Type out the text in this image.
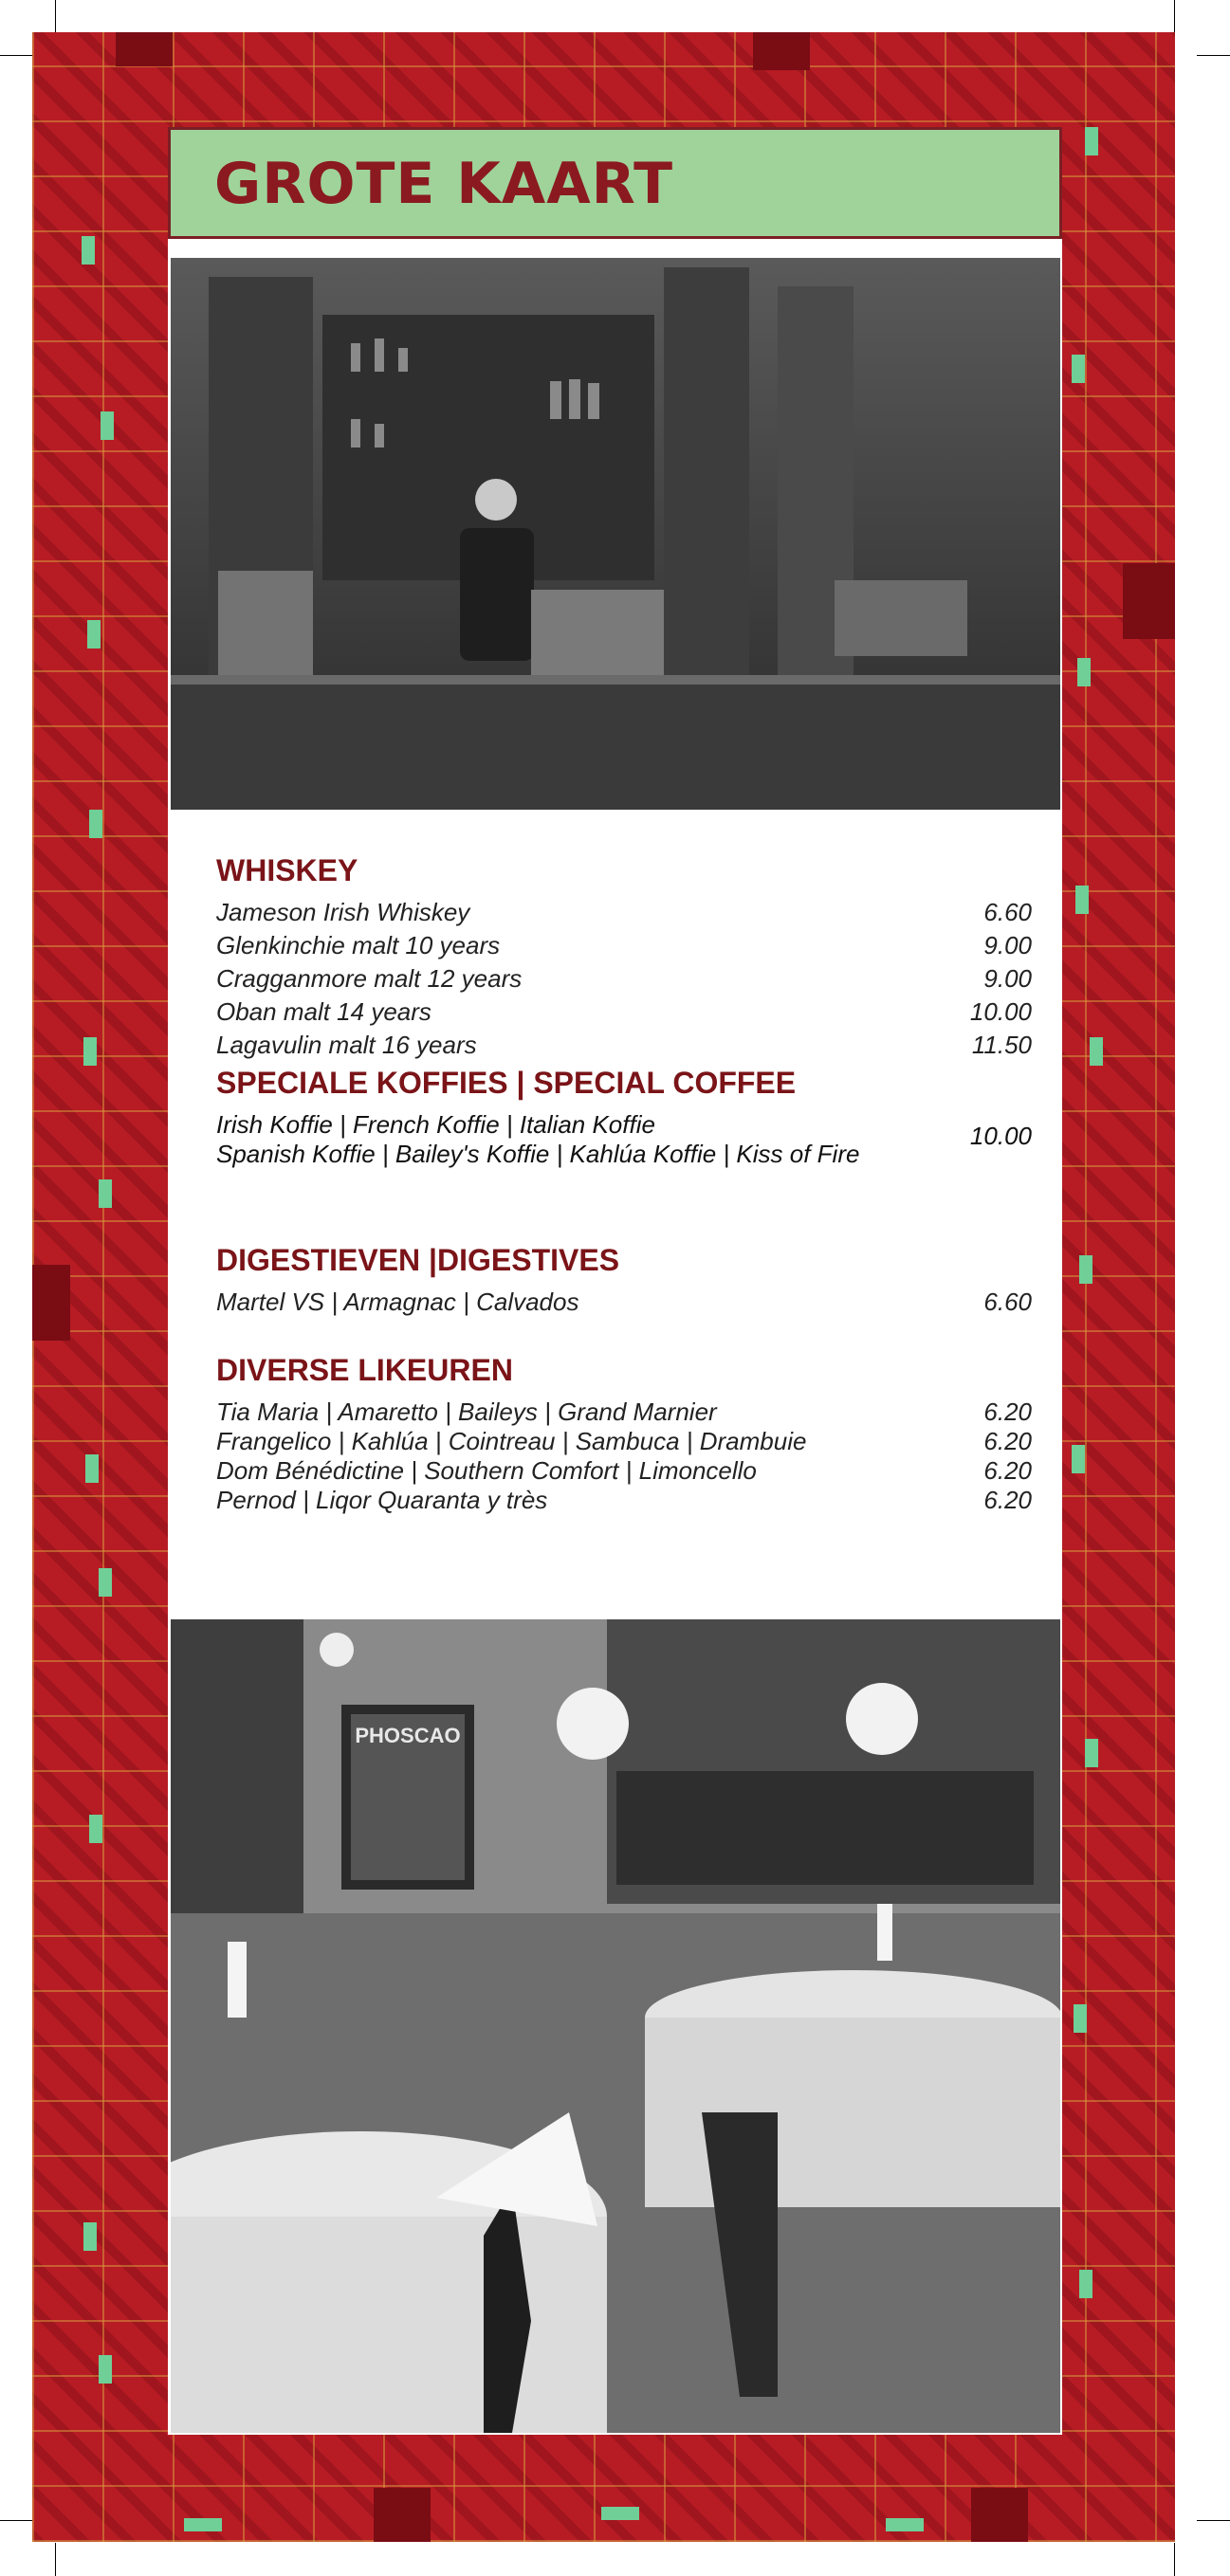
GROTE KAART
WHISKEY
Jameson Irish Whiskey	6.60
Glenkinchie malt 10 years	9.00
Cragganmore malt 12 years	9.00
Oban malt 14 years	10.00
Lagavulin malt 16 years	11.50
SPECIALE KOFFIES | SPECIAL COFFEE
Irish Koffie | French Koffie | Italian Koffie
Spanish Koffie | Bailey's Koffie | Kahlúa Koffie | Kiss of Fire
10.00
DIGESTIEVEN |DIGESTIVES
Martel VS | Armagnac | Calvados	6.60
DIVERSE LIKEUREN
Tia Maria | Amaretto | Baileys | Grand Marnier	6.20
Frangelico | Kahlúa | Cointreau | Sambuca | Drambuie	6.20
Dom Bénédictine | Southern Comfort | Limoncello	6.20
Pernod | Liqor Quaranta y très	6.20
PHOSCAO
